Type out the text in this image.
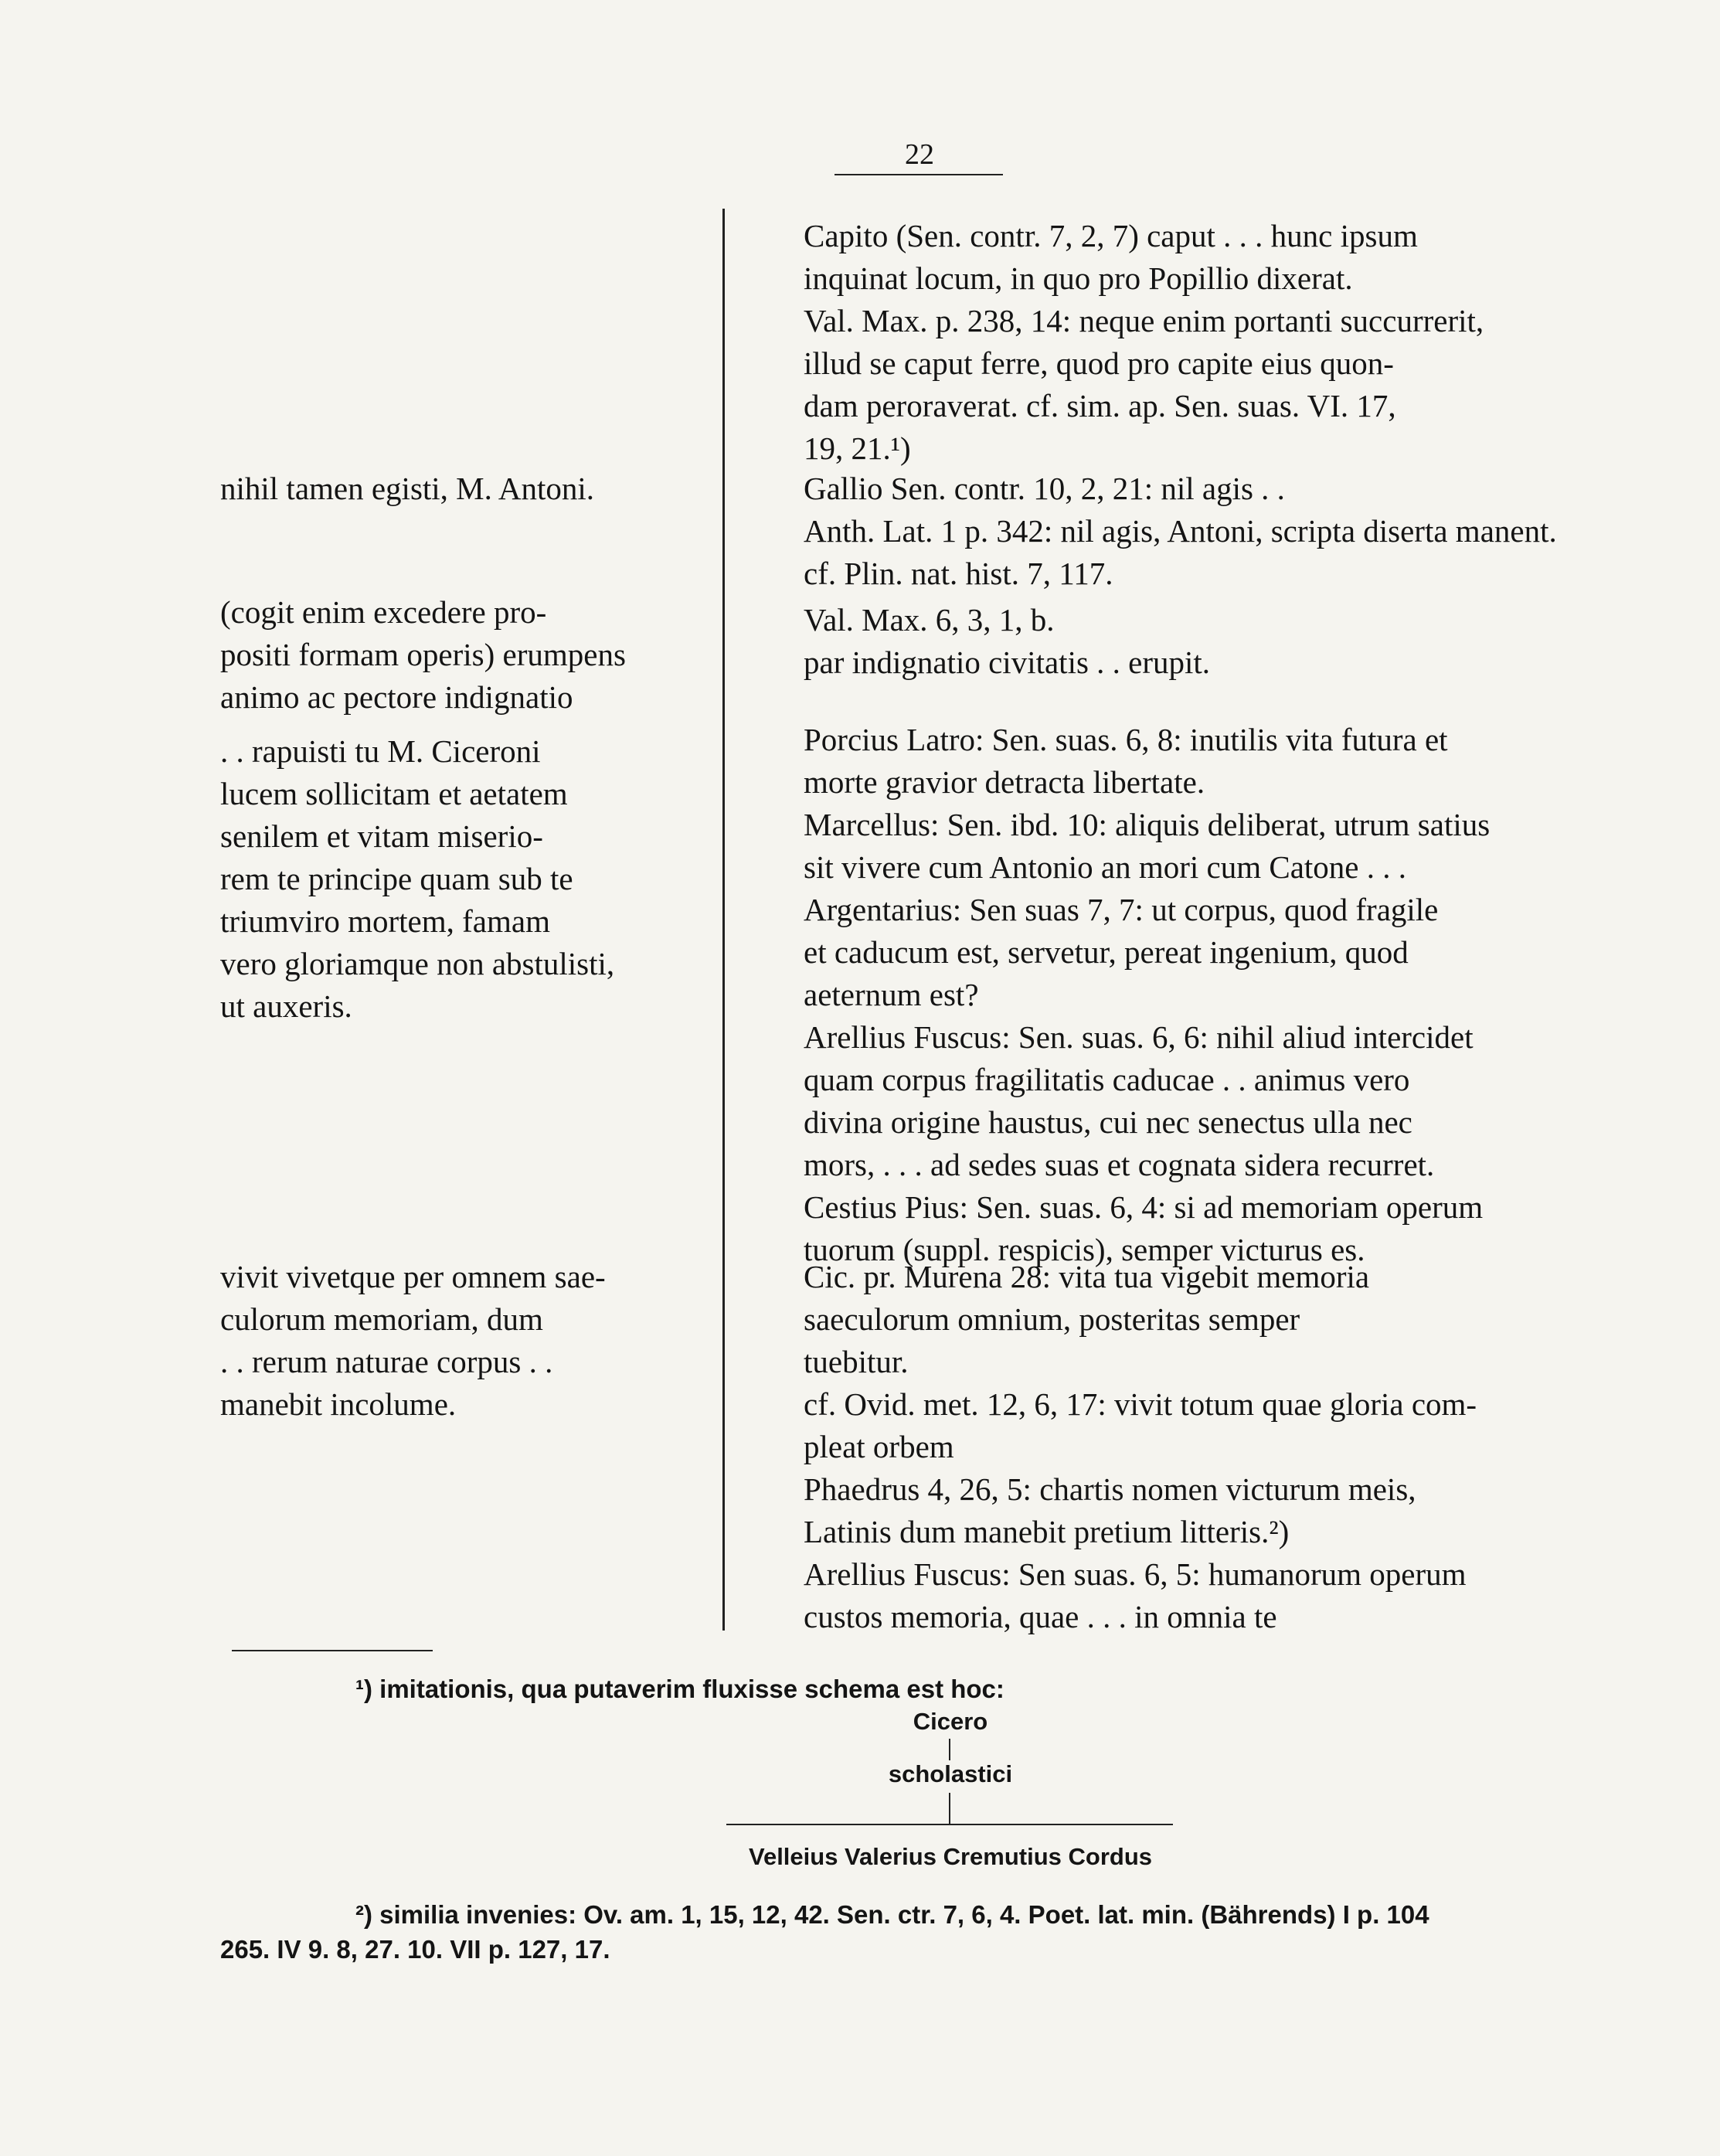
22

nihil tamen egisti, M. Antoni.

(cogit enim excedere pro-

positi formam operis) erumpens

animo ac pectore indignatio

. . rapuisti tu M. Ciceroni

lucem sollicitam et aetatem

senilem et vitam miserio-

rem te principe quam sub te

triumviro mortem, famam

vero gloriamque non abstulisti,

ut auxeris.

vivit vivetque per omnem sae-

culorum memoriam, dum

. . rerum naturae corpus . .

manebit incolume.

Capito (Sen. contr. 7, 2, 7) caput . . . hunc ipsum

inquinat locum, in quo pro Popillio dixerat.

Val. Max. p. 238, 14: neque enim portanti succurrerit,

illud se caput ferre, quod pro capite eius quon-

dam peroraverat. cf. sim. ap. Sen. suas. VI. 17,

19, 21.¹)

Gallio Sen. contr. 10, 2, 21: nil agis . .

Anth. Lat. 1 p. 342: nil agis, Antoni, scripta diserta manent.

cf. Plin. nat. hist. 7, 117.

Val. Max. 6, 3, 1, b.

par indignatio civitatis . . erupit.

Porcius Latro: Sen. suas. 6, 8: inutilis vita futura et

morte gravior detracta libertate.

Marcellus: Sen. ibd. 10: aliquis deliberat, utrum satius

sit vivere cum Antonio an mori cum Catone . . .

Argentarius: Sen suas 7, 7: ut corpus, quod fragile

et caducum est, servetur, pereat ingenium, quod

aeternum est?

Arellius Fuscus: Sen. suas. 6, 6: nihil aliud intercidet

quam corpus fragilitatis caducae . . animus vero

divina origine haustus, cui nec senectus ulla nec

mors, . . . ad sedes suas et cognata sidera recurret.

Cestius Pius: Sen. suas. 6, 4: si ad memoriam operum

tuorum (suppl. respicis), semper victurus es.

Cic. pr. Murena 28: vita tua vigebit memoria

saeculorum omnium, posteritas semper

tuebitur.

cf. Ovid. met. 12, 6, 17: vivit totum quae gloria com-

pleat orbem

Phaedrus 4, 26, 5: chartis nomen victurum meis,

Latinis dum manebit pretium litteris.²)

Arellius Fuscus: Sen suas. 6, 5: humanorum operum

custos memoria, quae . . . in omnia te

¹) imitationis, qua putaverim fluxisse schema est hoc:
Cicero
scholastici
Velleius Valerius Cremutius Cordus
²) similia invenies: Ov. am. 1, 15, 12, 42. Sen. ctr. 7, 6, 4. Poet. lat. min. (Bährends) I p. 104
265. IV 9. 8, 27. 10. VII p. 127, 17.
